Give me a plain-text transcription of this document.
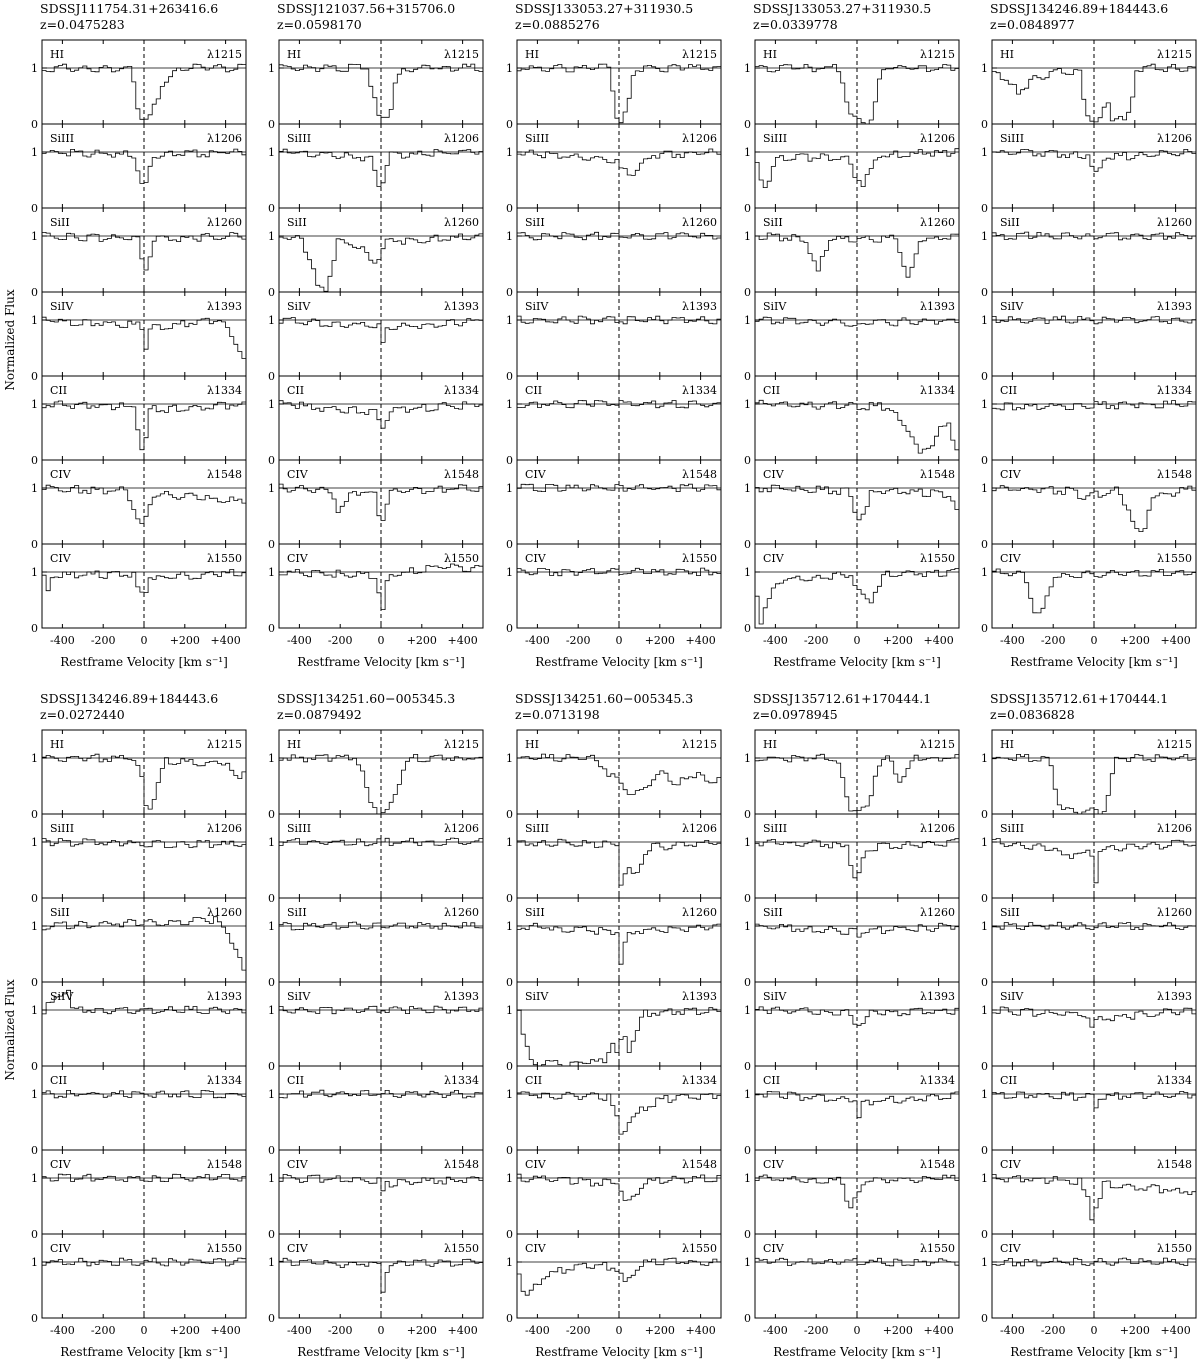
Normalized Flux
Normalized Flux
SDSSJ111754.31+263416.6
z=0.0475283
0
1
HI	λ1215
0
1
SiIII	λ1206
0
1
SiII	λ1260
0
1
SiIV	λ1393
0
1
CII	λ1334
0
1
CIV	λ1548
0
1
CIV	λ1550
-400 -200 0 +200 +400
Restframe Velocity [km s⁻¹]
SDSSJ121037.56+315706.0
z=0.0598170
0
1
HI	λ1215
0
1
SiIII	λ1206
0
1
SiII	λ1260
0
1
SiIV	λ1393
0
1
CII	λ1334
0
1
CIV	λ1548
0
1
CIV	λ1550
-400 -200 0 +200 +400
Restframe Velocity [km s⁻¹]
SDSSJ133053.27+311930.5
z=0.0885276
0
1
HI	λ1215
0
1
SiIII	λ1206
0
1
SiII	λ1260
0
1
SiIV	λ1393
0
1
CII	λ1334
0
1
CIV	λ1548
0
1
CIV	λ1550
-400 -200 0 +200 +400
Restframe Velocity [km s⁻¹]
SDSSJ133053.27+311930.5
z=0.0339778
0
1
HI	λ1215
0
1
SiIII	λ1206
0
1
SiII	λ1260
0
1
SiIV	λ1393
0
1
CII	λ1334
0
1
CIV	λ1548
0
1
CIV	λ1550
-400 -200 0 +200 +400
Restframe Velocity [km s⁻¹]
SDSSJ134246.89+184443.6
z=0.0848977
0
1
HI	λ1215
0
1
SiIII	λ1206
0
1
SiII	λ1260
0
1
SiIV	λ1393
0
1
CII	λ1334
0
1
CIV	λ1548
0
1
CIV	λ1550
-400 -200 0 +200 +400
Restframe Velocity [km s⁻¹]
SDSSJ134246.89+184443.6
z=0.0272440
0
1
HI	λ1215
0
1
SiIII	λ1206
0
1
SiII	λ1260
0
1
SiIV	λ1393
0
1
CII	λ1334
0
1
CIV	λ1548
0
1
CIV	λ1550
-400 -200 0 +200 +400
Restframe Velocity [km s⁻¹]
SDSSJ134251.60−005345.3
z=0.0879492
0
1
HI	λ1215
0
1
SiIII	λ1206
0
1
SiII	λ1260
0
1
SiIV	λ1393
0
1
CII	λ1334
0
1
CIV	λ1548
0
1
CIV	λ1550
-400 -200 0 +200 +400
Restframe Velocity [km s⁻¹]
SDSSJ134251.60−005345.3
z=0.0713198
0
1
HI	λ1215
0
1
SiIII	λ1206
0
1
SiII	λ1260
0
1
SiIV	λ1393
0
1
CII	λ1334
0
1
CIV	λ1548
0
1
CIV	λ1550
-400 -200 0 +200 +400
Restframe Velocity [km s⁻¹]
SDSSJ135712.61+170444.1
z=0.0978945
0
1
HI	λ1215
0
1
SiIII	λ1206
0
1
SiII	λ1260
0
1
SiIV	λ1393
0
1
CII	λ1334
0
1
CIV	λ1548
0
1
CIV	λ1550
-400 -200 0 +200 +400
Restframe Velocity [km s⁻¹]
SDSSJ135712.61+170444.1
z=0.0836828
0
1
HI	λ1215
0
1
SiIII	λ1206
0
1
SiII	λ1260
0
1
SiIV	λ1393
0
1
CII	λ1334
0
1
CIV	λ1548
0
1
CIV	λ1550
-400 -200 0 +200 +400
Restframe Velocity [km s⁻¹]
